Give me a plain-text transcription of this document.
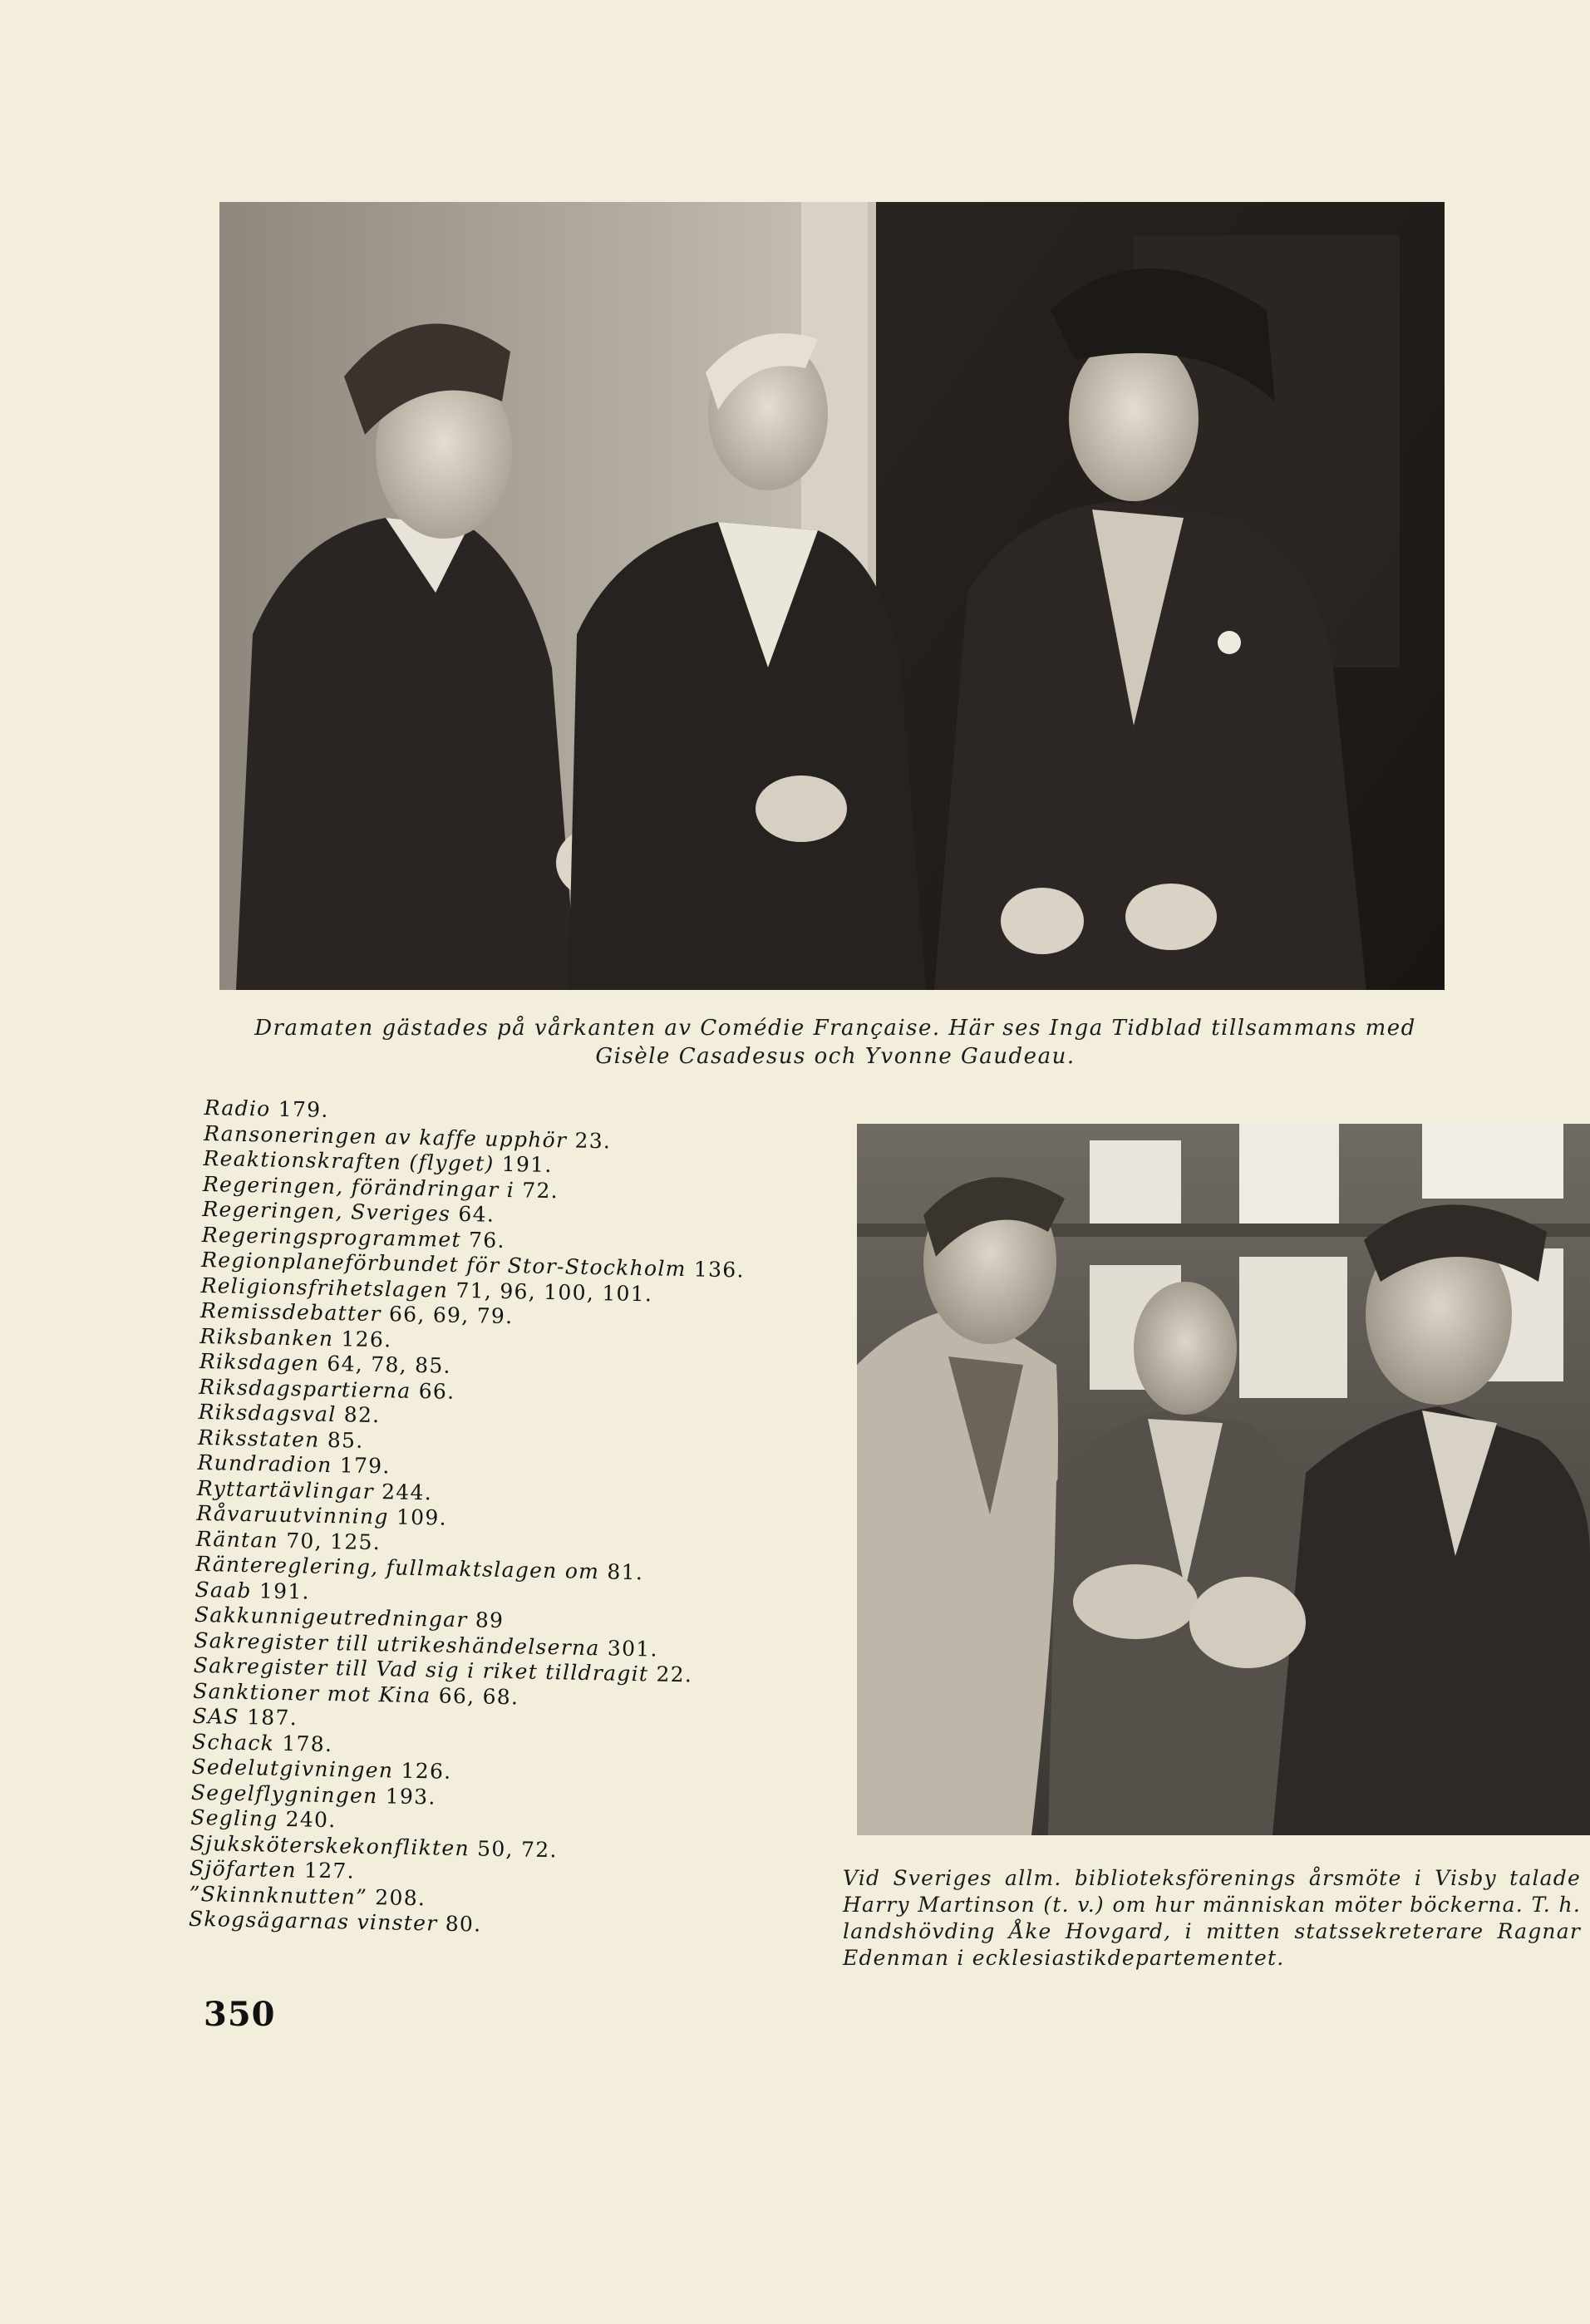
Dramaten gästades på vårkanten av Comédie Française. Här ses Inga Tidblad tillsammans med Gisèle Casadesus och Yvonne Gaudeau.
Radio 179.
Ransoneringen av kaffe upphör 23.
Reaktionskraften (flyget) 191.
Regeringen, förändringar i 72.
Regeringen, Sveriges 64.
Regeringsprogrammet 76.
Regionplaneförbundet för Stor-Stockholm 136.
Religionsfrihetslagen 71, 96, 100, 101.
Remissdebatter 66, 69, 79.
Riksbanken 126.
Riksdagen 64, 78, 85.
Riksdagspartierna 66.
Riksdagsval 82.
Riksstaten 85.
Rundradion 179.
Ryttartävlingar 244.
Råvaruutvinning 109.
Räntan 70, 125.
Räntereglering, fullmaktslagen om 81.
Saab 191.
Sakkunnigeutredningar 89
Sakregister till utrikeshändelserna 301.
Sakregister till Vad sig i riket tilldragit 22.
Sanktioner mot Kina 66, 68.
SAS 187.
Schack 178.
Sedelutgivningen 126.
Segelflygningen 193.
Segling 240.
Sjuksköterskekonflikten 50, 72.
Sjöfarten 127.
”Skinnknutten” 208.
Skogsägarnas vinster 80.
Vid Sveriges allm. biblioteksförenings årsmöte i Visby talade Harry Martinson (t. v.) om hur människan möter böckerna. T. h. landshövding Åke Hovgard, i mitten statssekreterare Ragnar Edenman i ecklesiastikdepartementet.
350
